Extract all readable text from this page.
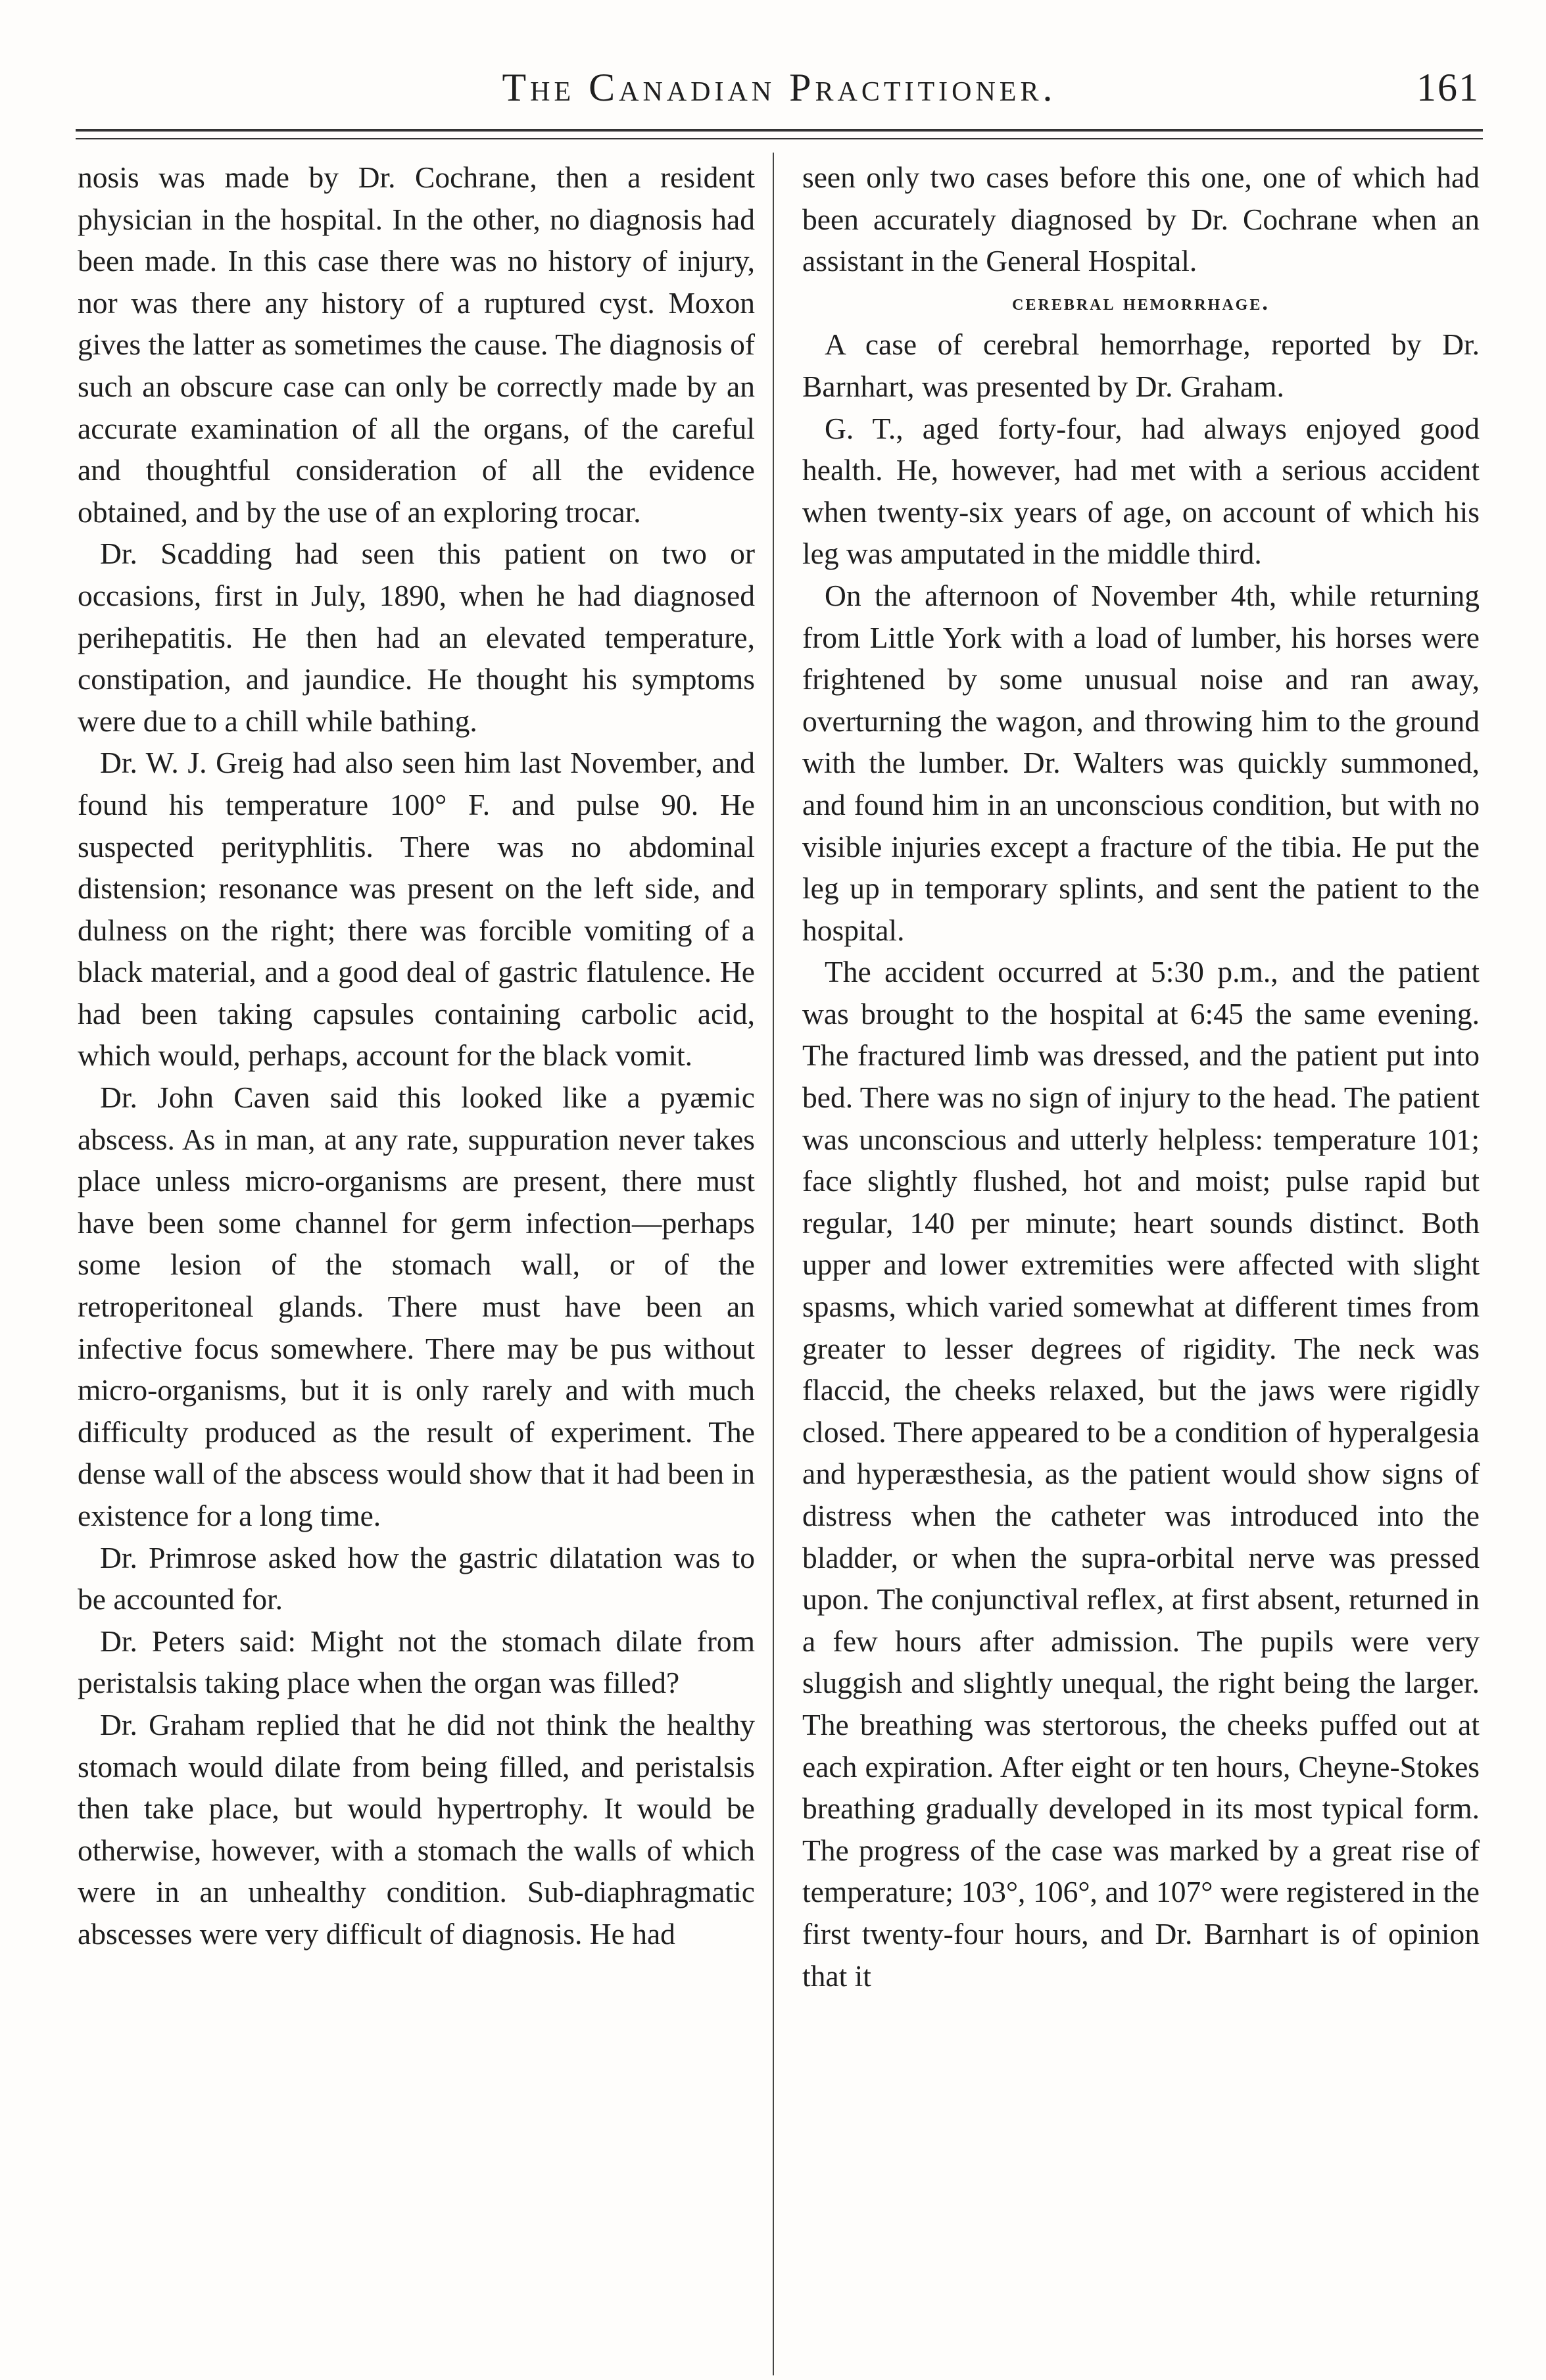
The Canadian Practitioner.	161

nosis was made by Dr. Cochrane, then a resident physician in the hospital. In the other, no diagnosis had been made. In this case there was no history of injury, nor was there any history of a ruptured cyst. Moxon gives the latter as sometimes the cause. The diagnosis of such an obscure case can only be correctly made by an accurate examination of all the organs, of the careful and thoughtful consideration of all the evidence obtained, and by the use of an exploring trocar.

Dr. Scadding had seen this patient on two or occasions, first in July, 1890, when he had diagnosed perihepatitis. He then had an elevated temperature, constipation, and jaundice. He thought his symptoms were due to a chill while bathing.

Dr. W. J. Greig had also seen him last November, and found his temperature 100° F. and pulse 90. He suspected perityphlitis. There was no abdominal distension; resonance was present on the left side, and dulness on the right; there was forcible vomiting of a black material, and a good deal of gastric flatulence. He had been taking capsules containing carbolic acid, which would, perhaps, account for the black vomit.

Dr. John Caven said this looked like a pyæmic abscess. As in man, at any rate, suppuration never takes place unless micro-organisms are present, there must have been some channel for germ infection—perhaps some lesion of the stomach wall, or of the retroperitoneal glands. There must have been an infective focus somewhere. There may be pus without micro-organisms, but it is only rarely and with much difficulty produced as the result of experiment. The dense wall of the abscess would show that it had been in existence for a long time.

Dr. Primrose asked how the gastric dilatation was to be accounted for.

Dr. Peters said: Might not the stomach dilate from peristalsis taking place when the organ was filled?

Dr. Graham replied that he did not think the healthy stomach would dilate from being filled, and peristalsis then take place, but would hypertrophy. It would be otherwise, however, with a stomach the walls of which were in an unhealthy condition. Sub-diaphragmatic abscesses were very difficult of diagnosis. He had

seen only two cases before this one, one of which had been accurately diagnosed by Dr. Cochrane when an assistant in the General Hospital.

cerebral hemorrhage.

A case of cerebral hemorrhage, reported by Dr. Barnhart, was presented by Dr. Graham.

G. T., aged forty-four, had always enjoyed good health. He, however, had met with a serious accident when twenty-six years of age, on account of which his leg was amputated in the middle third.

On the afternoon of November 4th, while returning from Little York with a load of lumber, his horses were frightened by some unusual noise and ran away, overturning the wagon, and throwing him to the ground with the lumber. Dr. Walters was quickly summoned, and found him in an unconscious condition, but with no visible injuries except a fracture of the tibia. He put the leg up in temporary splints, and sent the patient to the hospital.

The accident occurred at 5:30 p.m., and the patient was brought to the hospital at 6:45 the same evening. The fractured limb was dressed, and the patient put into bed. There was no sign of injury to the head. The patient was unconscious and utterly helpless: temperature 101; face slightly flushed, hot and moist; pulse rapid but regular, 140 per minute; heart sounds distinct. Both upper and lower extremities were affected with slight spasms, which varied somewhat at different times from greater to lesser degrees of rigidity. The neck was flaccid, the cheeks relaxed, but the jaws were rigidly closed. There appeared to be a condition of hyperalgesia and hyperæsthesia, as the patient would show signs of distress when the catheter was introduced into the bladder, or when the supra-orbital nerve was pressed upon. The conjunctival reflex, at first absent, returned in a few hours after admission. The pupils were very sluggish and slightly unequal, the right being the larger. The breathing was stertorous, the cheeks puffed out at each expiration. After eight or ten hours, Cheyne-Stokes breathing gradually developed in its most typical form. The progress of the case was marked by a great rise of temperature; 103°, 106°, and 107° were registered in the first twenty-four hours, and Dr. Barnhart is of opinion that it
